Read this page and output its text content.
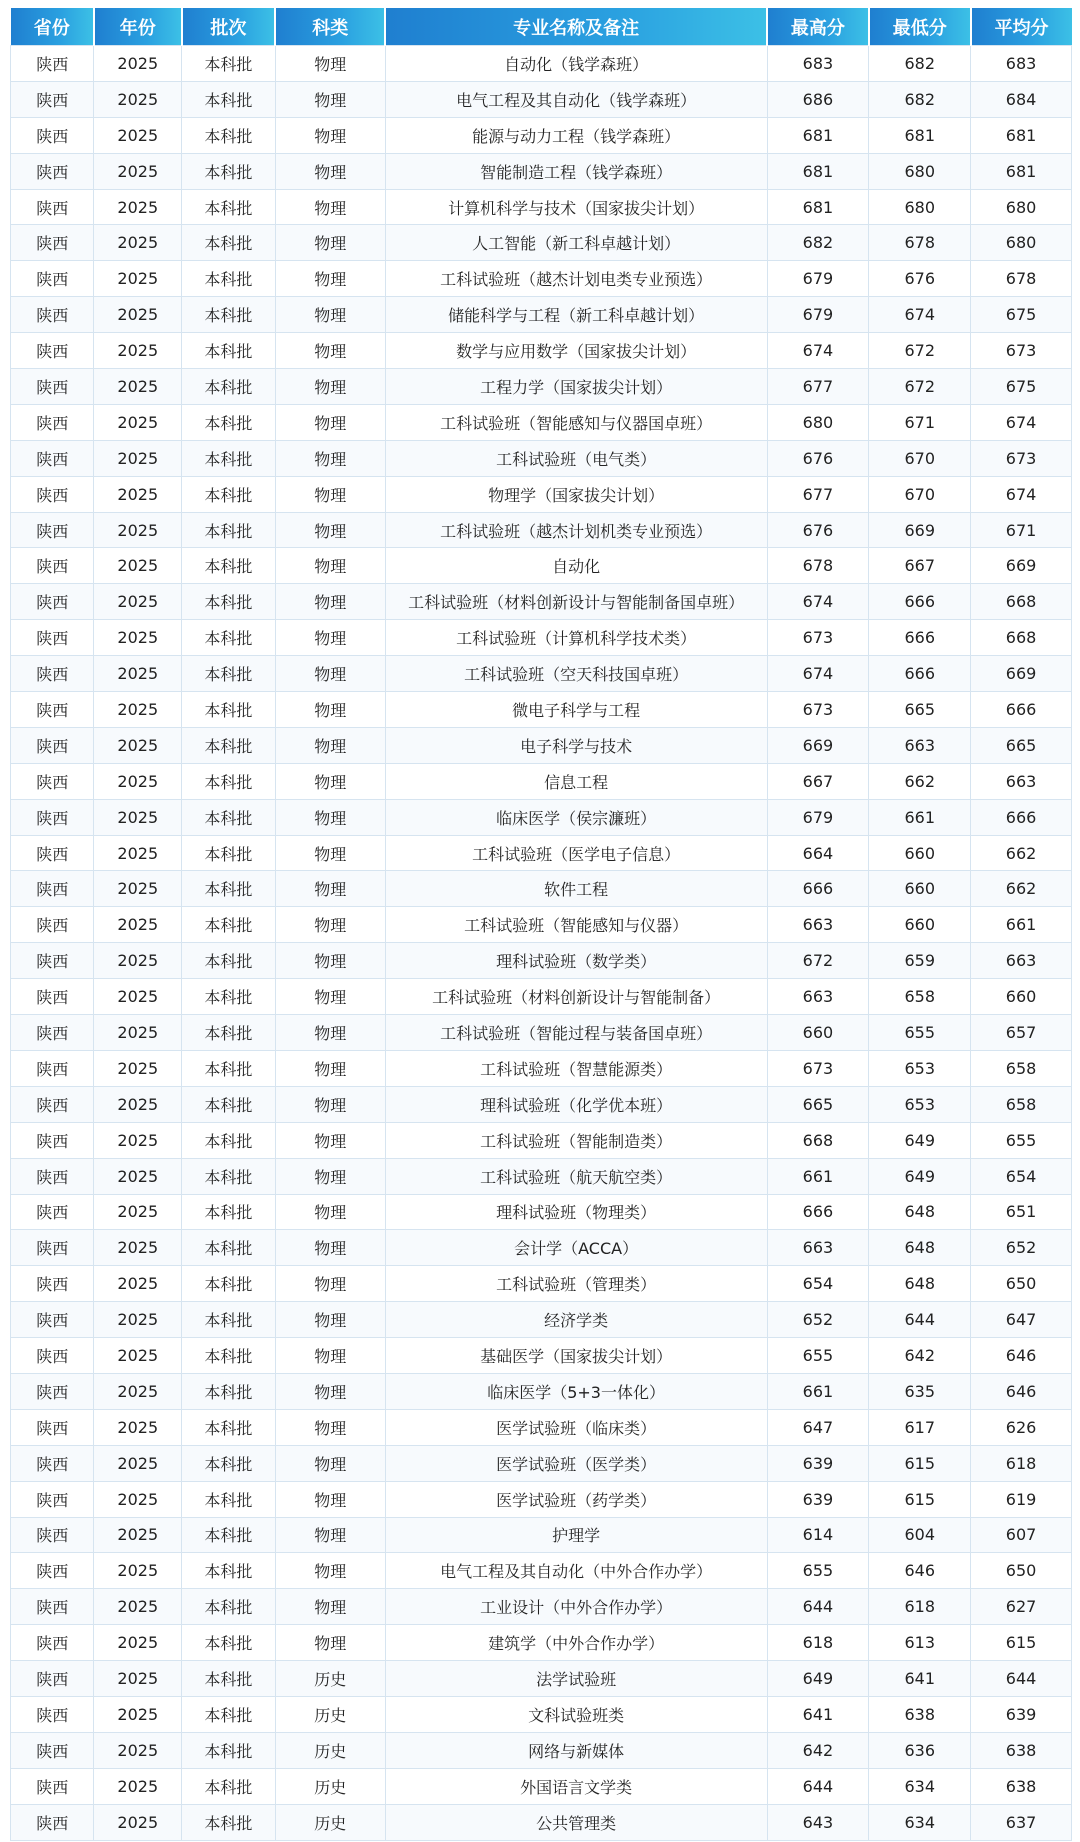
省份	年份	批次	科类	专业名称及备注	最高分	最低分	平均分
陕西	2025	本科批	物理	自动化（钱学森班）	683	682	683
陕西	2025	本科批	物理	电气工程及其自动化（钱学森班）	686	682	684
陕西	2025	本科批	物理	能源与动力工程（钱学森班）	681	681	681
陕西	2025	本科批	物理	智能制造工程（钱学森班）	681	680	681
陕西	2025	本科批	物理	计算机科学与技术（国家拔尖计划）	681	680	680
陕西	2025	本科批	物理	人工智能（新工科卓越计划）	682	678	680
陕西	2025	本科批	物理	工科试验班（越杰计划电类专业预选）	679	676	678
陕西	2025	本科批	物理	储能科学与工程（新工科卓越计划）	679	674	675
陕西	2025	本科批	物理	数学与应用数学（国家拔尖计划）	674	672	673
陕西	2025	本科批	物理	工程力学（国家拔尖计划）	677	672	675
陕西	2025	本科批	物理	工科试验班（智能感知与仪器国卓班）	680	671	674
陕西	2025	本科批	物理	工科试验班（电气类）	676	670	673
陕西	2025	本科批	物理	物理学（国家拔尖计划）	677	670	674
陕西	2025	本科批	物理	工科试验班（越杰计划机类专业预选）	676	669	671
陕西	2025	本科批	物理	自动化	678	667	669
陕西	2025	本科批	物理	工科试验班（材料创新设计与智能制备国卓班）	674	666	668
陕西	2025	本科批	物理	工科试验班（计算机科学技术类）	673	666	668
陕西	2025	本科批	物理	工科试验班（空天科技国卓班）	674	666	669
陕西	2025	本科批	物理	微电子科学与工程	673	665	666
陕西	2025	本科批	物理	电子科学与技术	669	663	665
陕西	2025	本科批	物理	信息工程	667	662	663
陕西	2025	本科批	物理	临床医学（侯宗濂班）	679	661	666
陕西	2025	本科批	物理	工科试验班（医学电子信息）	664	660	662
陕西	2025	本科批	物理	软件工程	666	660	662
陕西	2025	本科批	物理	工科试验班（智能感知与仪器）	663	660	661
陕西	2025	本科批	物理	理科试验班（数学类）	672	659	663
陕西	2025	本科批	物理	工科试验班（材料创新设计与智能制备）	663	658	660
陕西	2025	本科批	物理	工科试验班（智能过程与装备国卓班）	660	655	657
陕西	2025	本科批	物理	工科试验班（智慧能源类）	673	653	658
陕西	2025	本科批	物理	理科试验班（化学优本班）	665	653	658
陕西	2025	本科批	物理	工科试验班（智能制造类）	668	649	655
陕西	2025	本科批	物理	工科试验班（航天航空类）	661	649	654
陕西	2025	本科批	物理	理科试验班（物理类）	666	648	651
陕西	2025	本科批	物理	会计学（ACCA）	663	648	652
陕西	2025	本科批	物理	工科试验班（管理类）	654	648	650
陕西	2025	本科批	物理	经济学类	652	644	647
陕西	2025	本科批	物理	基础医学（国家拔尖计划）	655	642	646
陕西	2025	本科批	物理	临床医学（5+3一体化）	661	635	646
陕西	2025	本科批	物理	医学试验班（临床类）	647	617	626
陕西	2025	本科批	物理	医学试验班（医学类）	639	615	618
陕西	2025	本科批	物理	医学试验班（药学类）	639	615	619
陕西	2025	本科批	物理	护理学	614	604	607
陕西	2025	本科批	物理	电气工程及其自动化（中外合作办学）	655	646	650
陕西	2025	本科批	物理	工业设计（中外合作办学）	644	618	627
陕西	2025	本科批	物理	建筑学（中外合作办学）	618	613	615
陕西	2025	本科批	历史	法学试验班	649	641	644
陕西	2025	本科批	历史	文科试验班类	641	638	639
陕西	2025	本科批	历史	网络与新媒体	642	636	638
陕西	2025	本科批	历史	外国语言文学类	644	634	638
陕西	2025	本科批	历史	公共管理类	643	634	637
